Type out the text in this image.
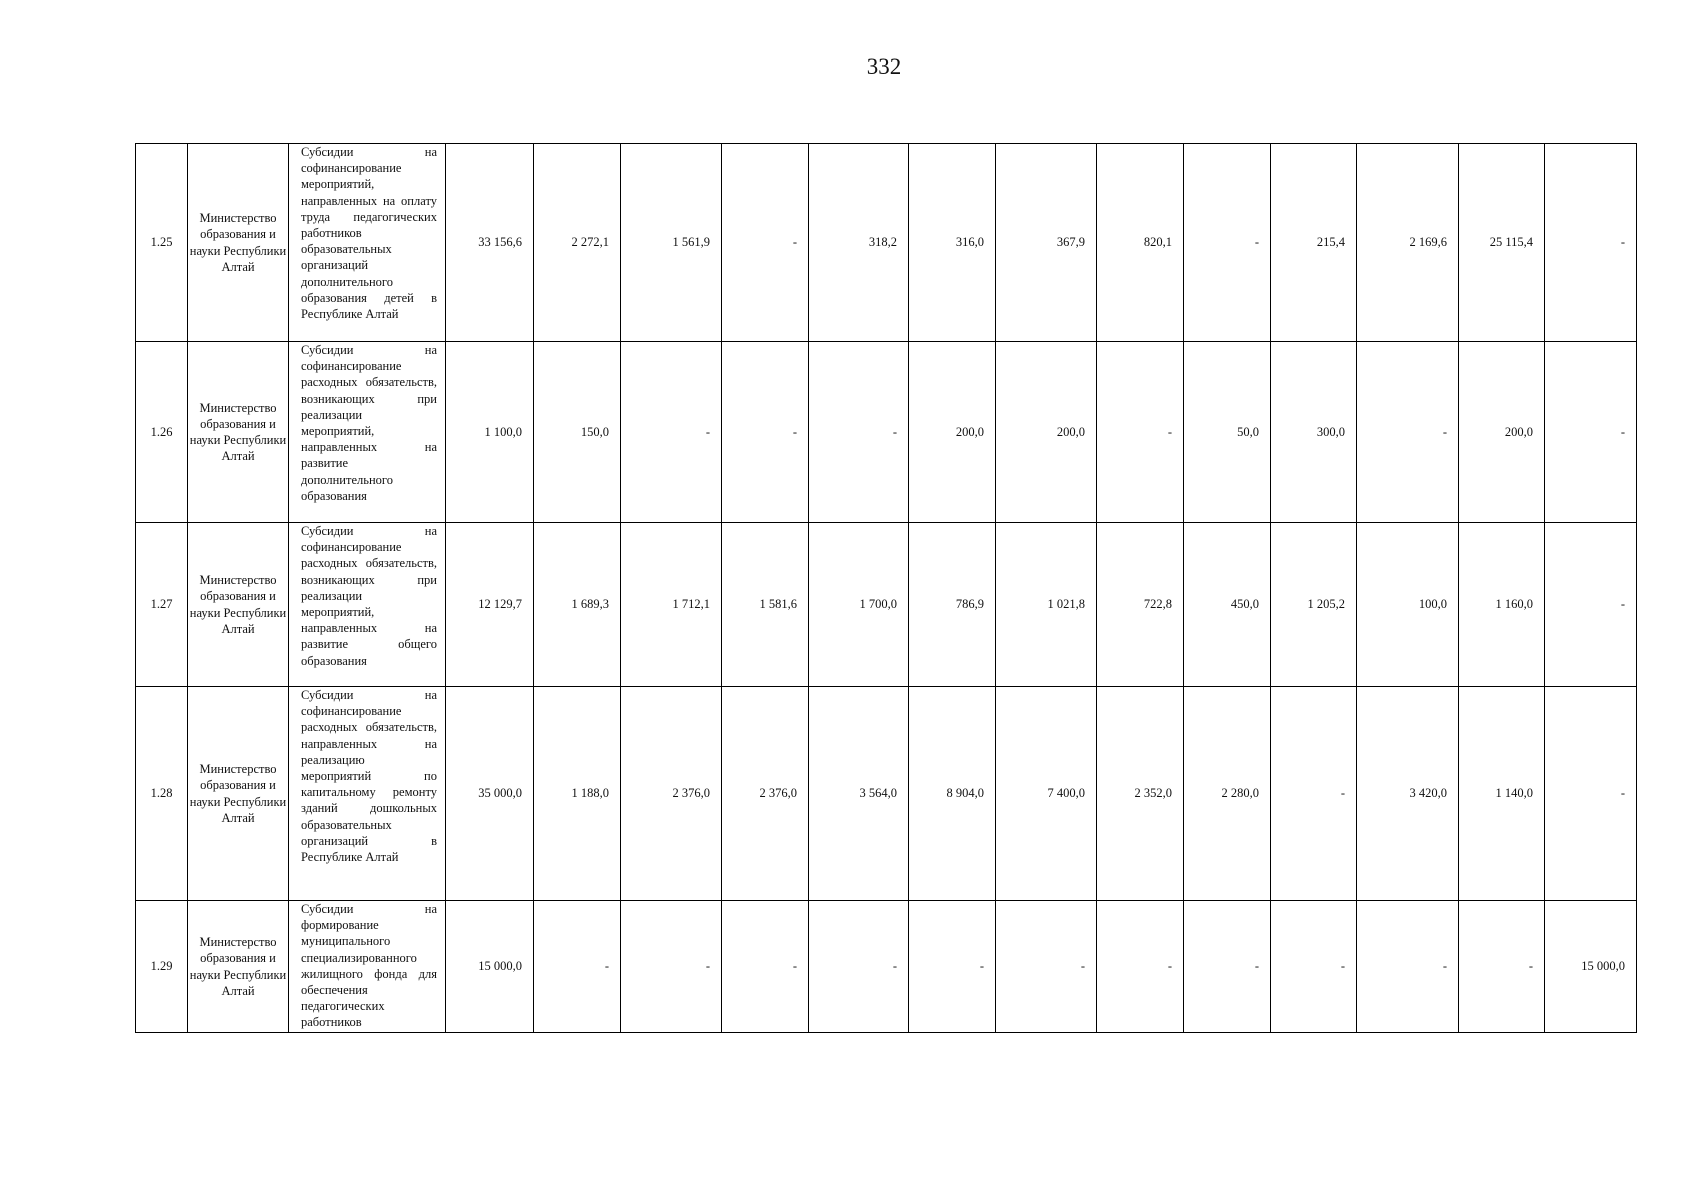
332
1.25	Министерство образования и науки Республики Алтай	Субсидии на софинансирование мероприятий, направленных на оплату труда педагогических работников образовательных организаций дополнительного образования детей в Республике Алтай	33 156,6	2 272,1	1 561,9	-	318,2	316,0	367,9	820,1	-	215,4	2 169,6	25 115,4	-
1.26	Министерство образования и науки Республики Алтай	Субсидии на софинансирование расходных обязательств, возникающих при реализации мероприятий, направленных на развитие дополнительного образования	1 100,0	150,0	-	-	-	200,0	200,0	-	50,0	300,0	-	200,0	-
1.27	Министерство образования и науки Республики Алтай	Субсидии на софинансирование расходных обязательств, возникающих при реализации мероприятий, направленных на развитие общего образования	12 129,7	1 689,3	1 712,1	1 581,6	1 700,0	786,9	1 021,8	722,8	450,0	1 205,2	100,0	1 160,0	-
1.28	Министерство образования и науки Республики Алтай	Субсидии на софинансирование расходных обязательств, направленных на реализацию мероприятий по капитальному ремонту зданий дошкольных образовательных организаций в Республике Алтай	35 000,0	1 188,0	2 376,0	2 376,0	3 564,0	8 904,0	7 400,0	2 352,0	2 280,0	-	3 420,0	1 140,0	-
1.29	Министерство образования и науки Республики Алтай	Субсидии на формирование муниципального специализированного жилищного фонда для обеспечения педагогических работников	15 000,0	-	-	-	-	-	-	-	-	-	-	-	15 000,0
